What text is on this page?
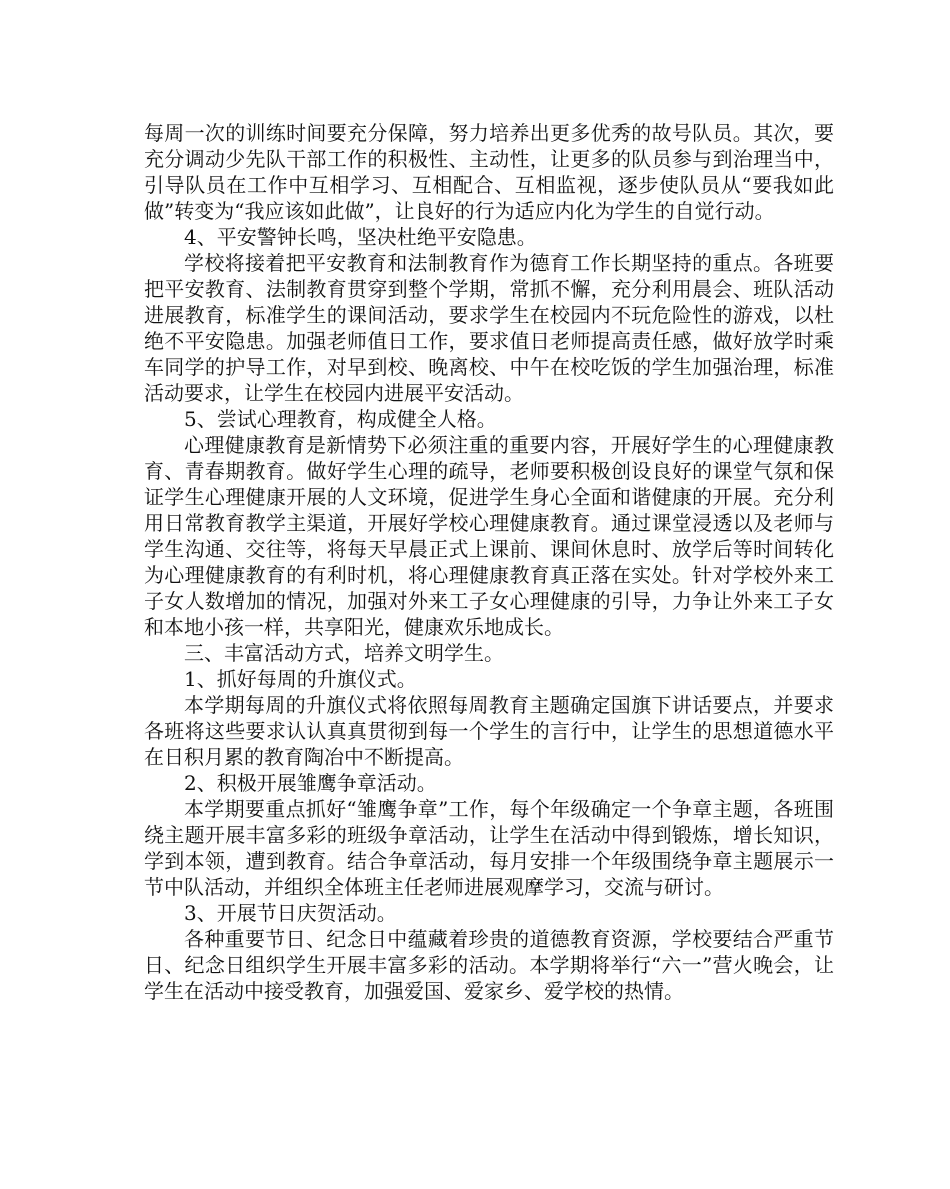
每周一次的训练时间要充分保障，努力培养出更多优秀的故号队员。其次，要充分调动少先队干部工作的积极性、主动性，让更多的队员参与到治理当中，引导队员在工作中互相学习、互相配合、互相监视，逐步使队员从“要我如此做”转变为“我应该如此做”，让良好的行为适应内化为学生的自觉行动。

4、平安警钟长鸣，坚决杜绝平安隐患。

学校将接着把平安教育和法制教育作为德育工作长期坚持的重点。各班要把平安教育、法制教育贯穿到整个学期，常抓不懈，充分利用晨会、班队活动进展教育，标准学生的课间活动，要求学生在校园内不玩危险性的游戏，以杜绝不平安隐患。加强老师值日工作，要求值日老师提高责任感，做好放学时乘车同学的护导工作，对早到校、晚离校、中午在校吃饭的学生加强治理，标准活动要求，让学生在校园内进展平安活动。

5、尝试心理教育，构成健全人格。

心理健康教育是新情势下必须注重的重要内容，开展好学生的心理健康教育、青春期教育。做好学生心理的疏导，老师要积极创设良好的课堂气氛和保证学生心理健康开展的人文环境，促进学生身心全面和谐健康的开展。充分利用日常教育教学主渠道，开展好学校心理健康教育。通过课堂浸透以及老师与学生沟通、交往等，将每天早晨正式上课前、课间休息时、放学后等时间转化为心理健康教育的有利时机，将心理健康教育真正落在实处。针对学校外来工子女人数增加的情况，加强对外来工子女心理健康的引导，力争让外来工子女和本地小孩一样，共享阳光，健康欢乐地成长。

三、丰富活动方式，培养文明学生。

1、抓好每周的升旗仪式。

本学期每周的升旗仪式将依照每周教育主题确定国旗下讲话要点，并要求各班将这些要求认认真真贯彻到每一个学生的言行中，让学生的思想道德水平在日积月累的教育陶冶中不断提高。

2、积极开展雏鹰争章活动。

本学期要重点抓好“雏鹰争章”工作，每个年级确定一个争章主题，各班围绕主题开展丰富多彩的班级争章活动，让学生在活动中得到锻炼，增长知识，学到本领，遭到教育。结合争章活动，每月安排一个年级围绕争章主题展示一节中队活动，并组织全体班主任老师进展观摩学习，交流与研讨。

3、开展节日庆贺活动。

各种重要节日、纪念日中蕴藏着珍贵的道德教育资源，学校要结合严重节日、纪念日组织学生开展丰富多彩的活动。本学期将举行“六一”营火晚会，让学生在活动中接受教育，加强爱国、爱家乡、爱学校的热情。
